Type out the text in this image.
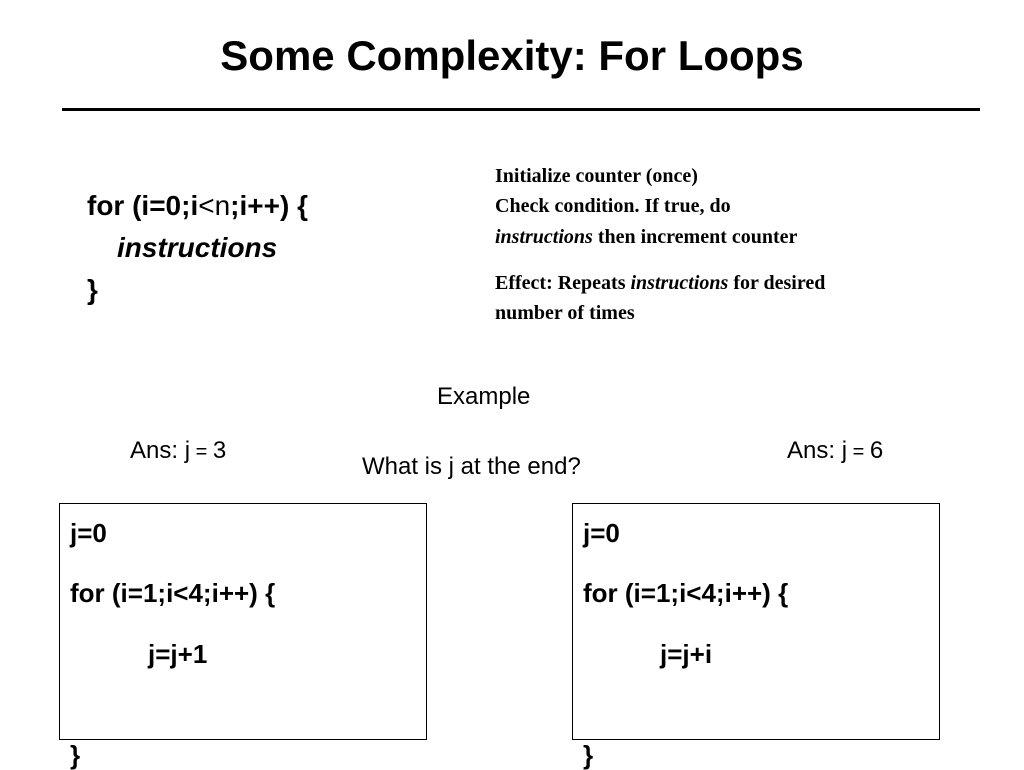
Some Complexity: For Loops
for (i=0;i<n;i++) {
instructions
}
Initialize counter (once)
Check condition. If true, do
instructions then increment counter
Effect: Repeats instructions for desired
number of times
Example
What is j at the end?
Ans: j = 3	Ans: j = 6
j=0
for (i=1;i<4;i++) {
j=j+1
}
j=0
for (i=1;i<4;i++) {
j=j+i
}
